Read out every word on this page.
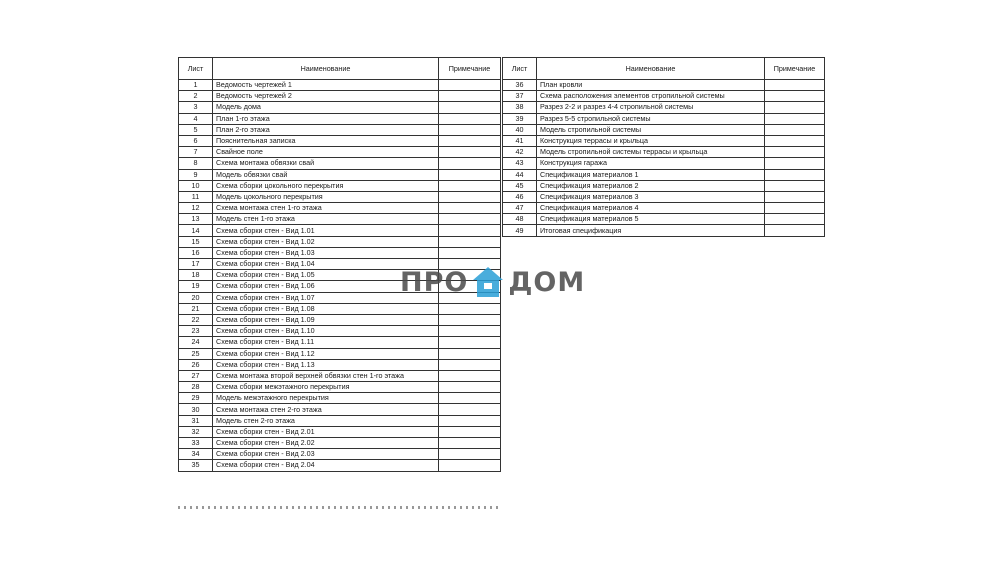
Лист	Наименование	Примечание
1	Ведомость чертежей 1	
2	Ведомость чертежей 2	
3	Модель дома	
4	План 1-го этажа	
5	План 2-го этажа	
6	Пояснительная записка	
7	Свайное поле	
8	Схема монтажа обвязки свай	
9	Модель обвязки свай	
10	Схема сборки цокольного перекрытия	
11	Модель цокольного перекрытия	
12	Схема монтажа стен 1-го этажа	
13	Модель стен 1-го этажа	
14	Схема сборки стен - Вид 1.01	
15	Схема сборки стен - Вид 1.02	
16	Схема сборки стен - Вид 1.03	
17	Схема сборки стен - Вид 1.04	
18	Схема сборки стен - Вид 1.05	
19	Схема сборки стен - Вид 1.06	
20	Схема сборки стен - Вид 1.07	
21	Схема сборки стен - Вид 1.08	
22	Схема сборки стен - Вид 1.09	
23	Схема сборки стен - Вид 1.10	
24	Схема сборки стен - Вид 1.11	
25	Схема сборки стен - Вид 1.12	
26	Схема сборки стен - Вид 1.13	
27	Схема монтажа второй верхней обвязки стен 1-го этажа	
28	Схема сборки межэтажного перекрытия	
29	Модель межэтажного перекрытия	
30	Схема монтажа стен 2-го этажа	
31	Модель стен 2-го этажа	
32	Схема сборки стен - Вид 2.01	
33	Схема сборки стен - Вид 2.02	
34	Схема сборки стен - Вид 2.03	
35	Схема сборки стен - Вид 2.04	
Лист	Наименование	Примечание
36	План кровли	
37	Схема расположения элементов стропильной системы	
38	Разрез 2-2 и разрез 4-4 стропильной системы	
39	Разрез 5-5 стропильной системы	
40	Модель стропильной системы	
41	Конструкция террасы и крыльца	
42	Модель стропильной системы террасы и крыльца	
43	Конструкция гаража	
44	Спецификация материалов 1	
45	Спецификация материалов 2	
46	Спецификация материалов 3	
47	Спецификация материалов 4	
48	Спецификация материалов 5	
49	Итоговая спецификация	
ПРО ФМ3 ДОМ
